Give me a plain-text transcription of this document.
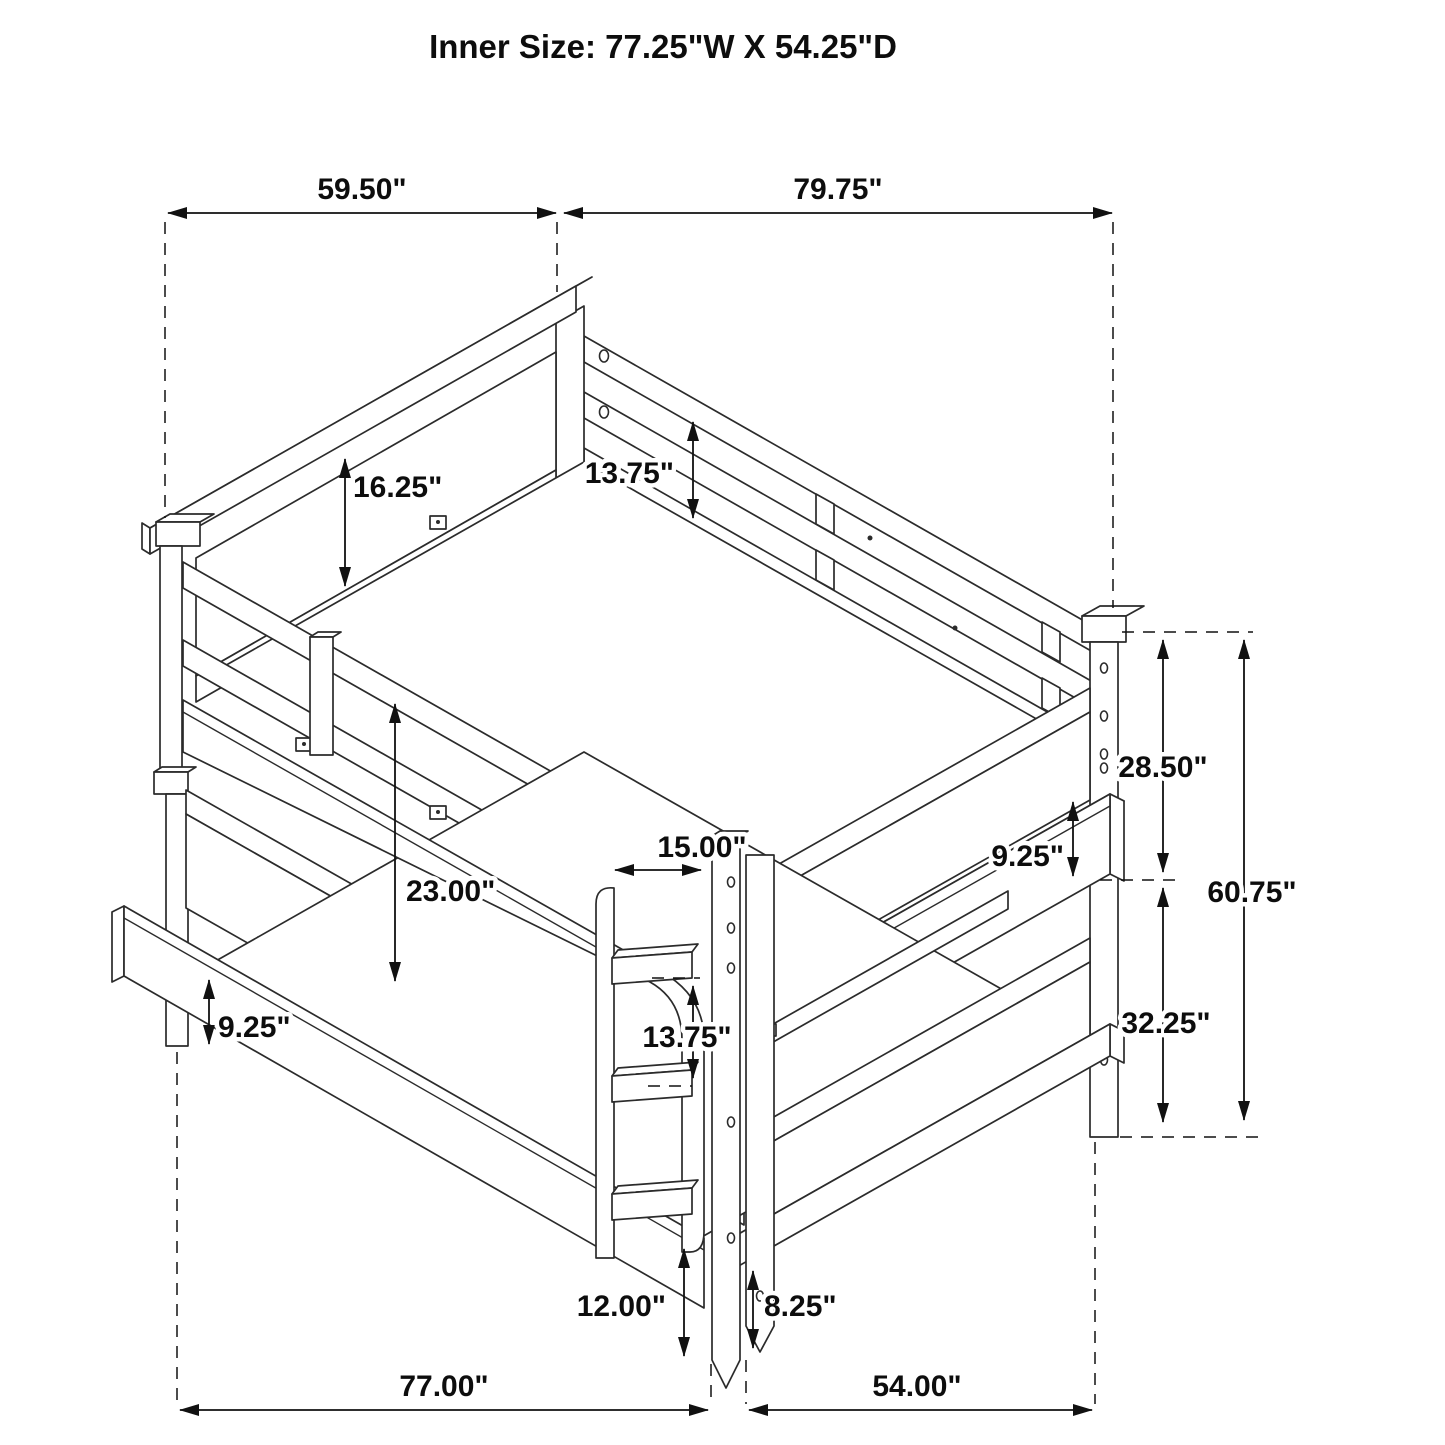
59.50"	79.75"
16.25"	13.75"
28.50"
9.25"
60.75"
32.25"
23.00"
15.00"
13.75"
9.25"
12.00"	8.25"
77.00"	54.00"
Inner Size: 77.25"W X 54.25"D
